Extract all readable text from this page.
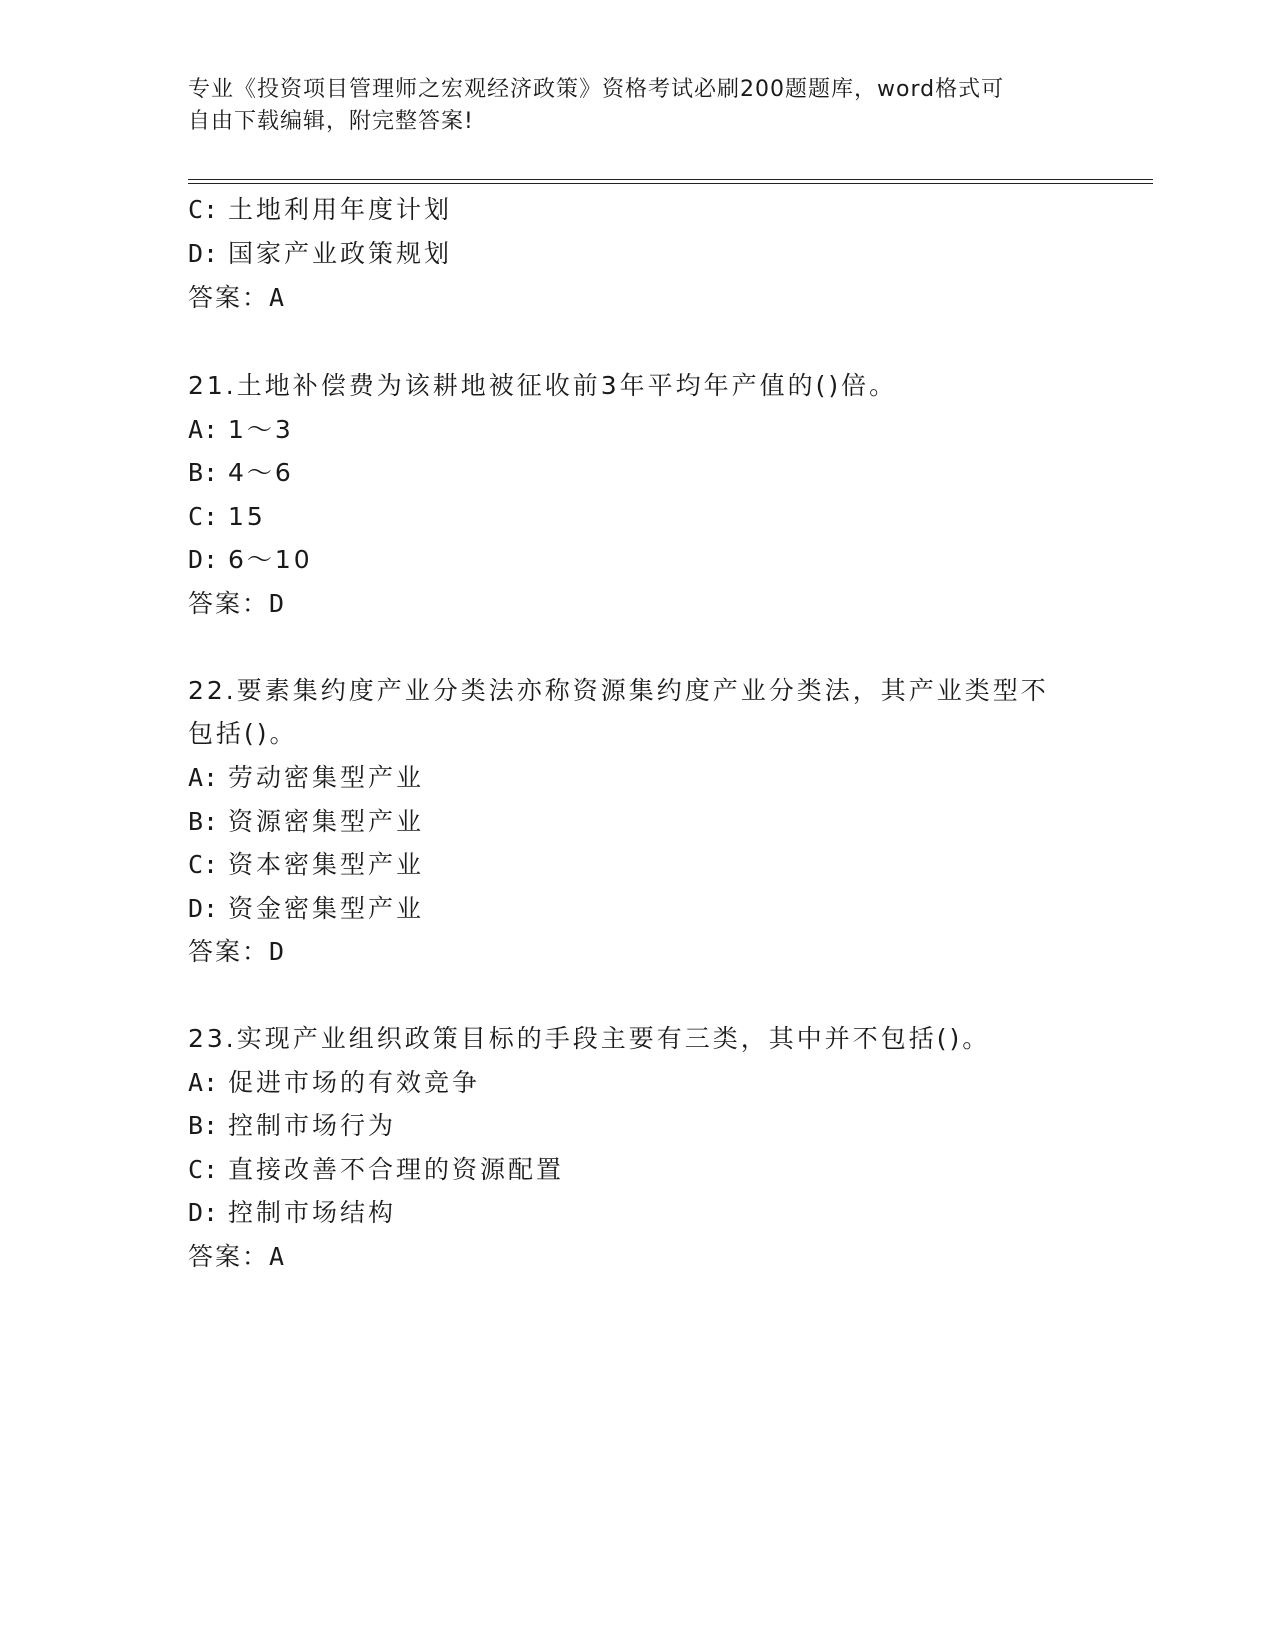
专业《投资项目管理师之宏观经济政策》资格考试必刷200题题库，word格式可
自由下载编辑，附完整答案!
C: 土地利用年度计划
D: 国家产业政策规划
答案：A
21.土地补偿费为该耕地被征收前3年平均年产值的()倍。
A: 1～3
B: 4～6
C: 15
D: 6～10
答案：D
22.要素集约度产业分类法亦称资源集约度产业分类法，其产业类型不
包括()。
A: 劳动密集型产业
B: 资源密集型产业
C: 资本密集型产业
D: 资金密集型产业
答案：D
23.实现产业组织政策目标的手段主要有三类，其中并不包括()。
A: 促进市场的有效竞争
B: 控制市场行为
C: 直接改善不合理的资源配置
D: 控制市场结构
答案：A
